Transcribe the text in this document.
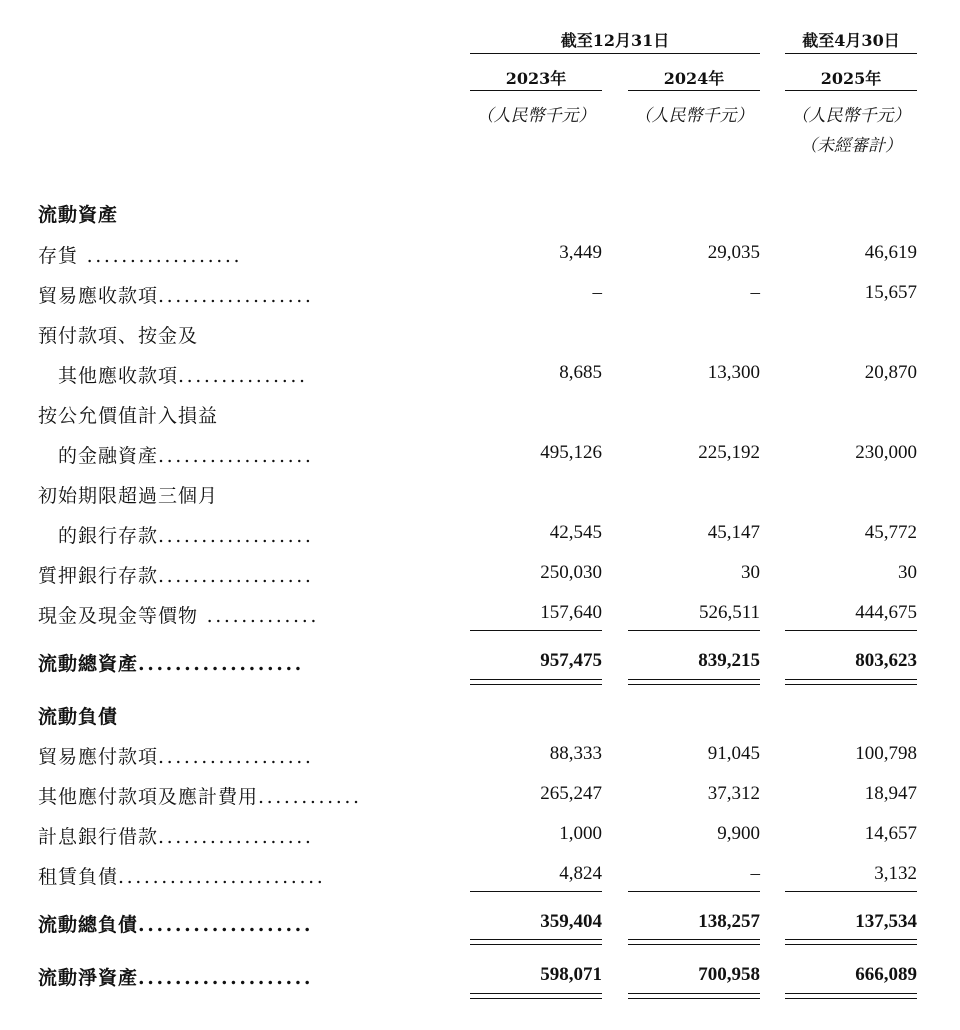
截至12月31日	截至4月30日
2023年	2024年	2025年
（人民幣千元）	（人民幣千元）	（人民幣千元）
（未經審計）
流動資產
存貨 ..................	3,449	29,035	46,619
貿易應收款項..................	–	–	15,657
預付款項、按金及
其他應收款項...............	8,685	13,300	20,870
按公允價值計入損益
的金融資產..................	495,126	225,192	230,000
初始期限超過三個月
的銀行存款..................	42,545	45,147	45,772
質押銀行存款..................	250,030	30	30
現金及現金等價物 .............	157,640	526,511	444,675
流動總資產..................	957,475	839,215	803,623
流動負債
貿易應付款項..................	88,333	91,045	100,798
其他應付款項及應計費用............	265,247	37,312	18,947
計息銀行借款..................	1,000	9,900	14,657
租賃負債........................	4,824	–	3,132
流動總負債...................	359,404	138,257	137,534
流動淨資產...................	598,071	700,958	666,089
